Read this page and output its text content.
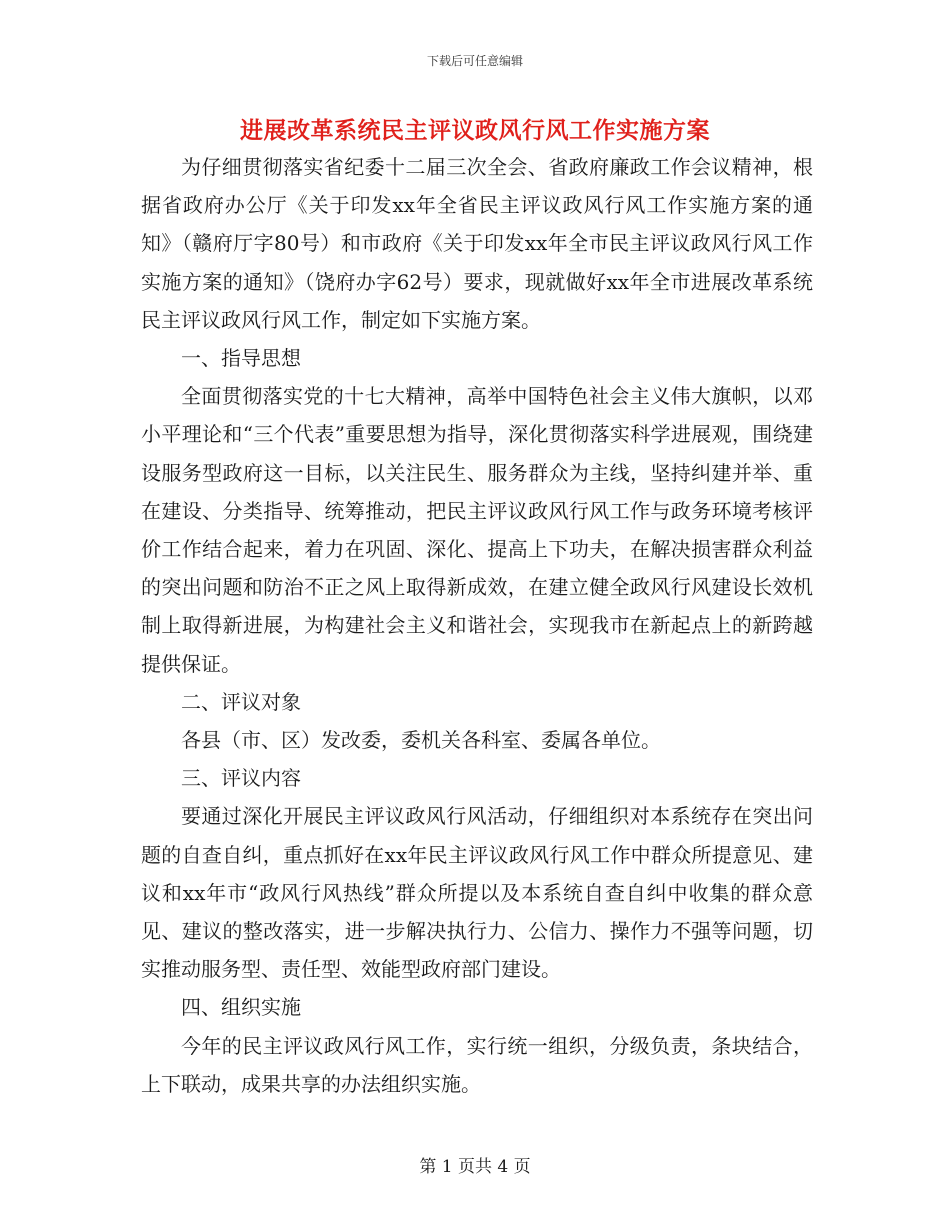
下载后可任意编辑
进展改革系统民主评议政风行风工作实施方案

为仔细贯彻落实省纪委十二届三次全会、省政府廉政工作会议精神，根据省政府办公厅《关于印发xx年全省民主评议政风行风工作实施方案的通知》（赣府厅字80号）和市政府《关于印发xx年全市民主评议政风行风工作实施方案的通知》（饶府办字62号）要求，现就做好xx年全市进展改革系统民主评议政风行风工作，制定如下实施方案。

一、指导思想

全面贯彻落实党的十七大精神，高举中国特色社会主义伟大旗帜，以邓小平理论和“三个代表”重要思想为指导，深化贯彻落实科学进展观，围绕建设服务型政府这一目标，以关注民生、服务群众为主线，坚持纠建并举、重在建设、分类指导、统筹推动，把民主评议政风行风工作与政务环境考核评价工作结合起来，着力在巩固、深化、提高上下功夫，在解决损害群众利益的突出问题和防治不正之风上取得新成效，在建立健全政风行风建设长效机制上取得新进展，为构建社会主义和谐社会，实现我市在新起点上的新跨越提供保证。

二、评议对象

各县（市、区）发改委，委机关各科室、委属各单位。

三、评议内容

要通过深化开展民主评议政风行风活动，仔细组织对本系统存在突出问题的自查自纠，重点抓好在xx年民主评议政风行风工作中群众所提意见、建议和xx年市“政风行风热线”群众所提以及本系统自查自纠中收集的群众意见、建议的整改落实，进一步解决执行力、公信力、操作力不强等问题，切实推动服务型、责任型、效能型政府部门建设。

四、组织实施

今年的民主评议政风行风工作，实行统一组织，分级负责，条块结合，上下联动，成果共享的办法组织实施。

第 1 页共 4 页
